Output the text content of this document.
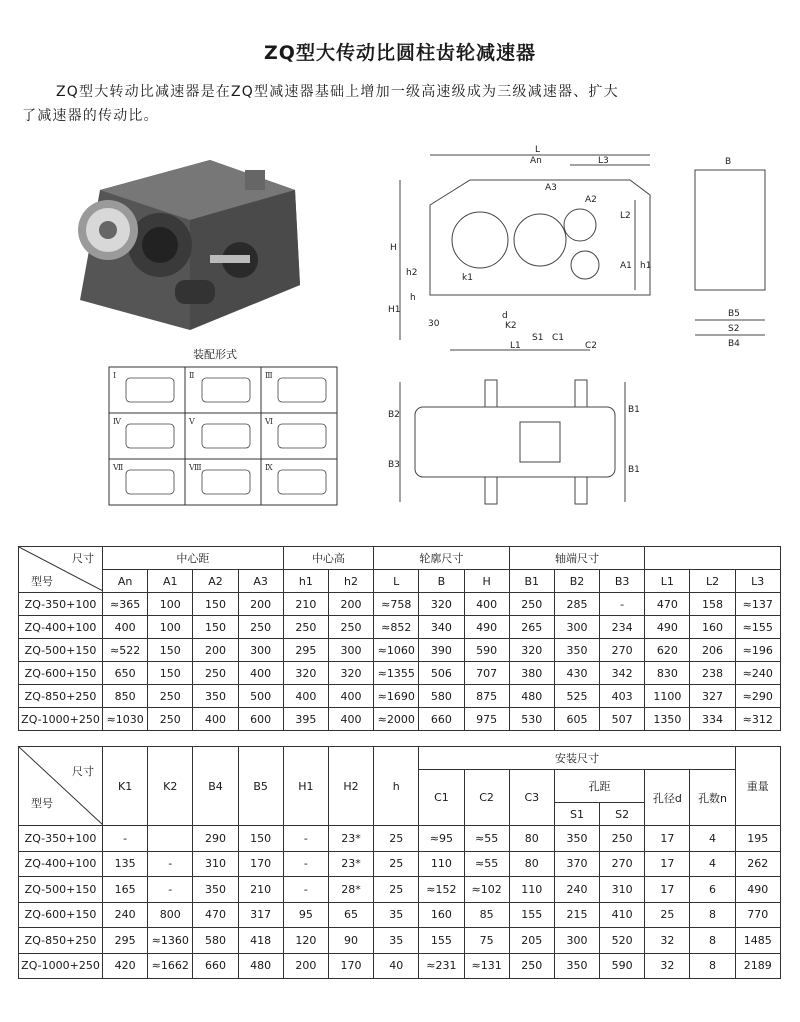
ZQ型大传动比圆柱齿轮减速器
ZQ型大转动比减速器是在ZQ型减速器基础上增加一级高速级成为三级减速器、扩大
了减速器的传动比。
装配形式
Ⅰ	Ⅱ	Ⅲ
Ⅳ	Ⅴ	Ⅵ
Ⅶ	Ⅷ	Ⅸ
L
An	L3
A3
A2
L2
A1 h1
H
h2
H1
h
k1
d
30	K2
S1 C1
C2
L1
B
B5
S2
B4
B2
B3
B1
B1
尺寸
型号	中心距				中心高		轮廓尺寸			轴端尺寸					
	An	A1	A2	A3	h1	h2	L	B	H	B1	B2	B3	L1	L2	L3
ZQ-350+100	≈365	100	150	200	210	200	≈758	320	400	250	285	-	470	158	≈137
ZQ-400+100	400	100	150	250	250	250	≈852	340	490	265	300	234	490	160	≈155
ZQ-500+150	≈522	150	200	300	295	300	≈1060	390	590	320	350	270	620	206	≈196
ZQ-600+150	650	150	250	400	320	320	≈1355	506	707	380	430	342	830	238	≈240
ZQ-850+250	850	250	350	500	400	400	≈1690	580	875	480	525	403	1100	327	≈290
ZQ-1000+250	≈1030	250	400	600	395	400	≈2000	660	975	530	605	507	1350	334	≈312
尺寸
型号	K1	K2	B4	B5	H1	H2	h	安装尺寸							重量
								C1	C2	C3	孔距		孔径d	孔数n	
											S1	S2			
ZQ-350+100	-		290	150	-	23*	25	≈95	≈55	80	350	250	17	4	195
ZQ-400+100	135	-	310	170	-	23*	25	110	≈55	80	370	270	17	4	262
ZQ-500+150	165	-	350	210	-	28*	25	≈152	≈102	110	240	310	17	6	490
ZQ-600+150	240	800	470	317	95	65	35	160	85	155	215	410	25	8	770
ZQ-850+250	295	≈1360	580	418	120	90	35	155	75	205	300	520	32	8	1485
ZQ-1000+250	420	≈1662	660	480	200	170	40	≈231	≈131	250	350	590	32	8	2189
